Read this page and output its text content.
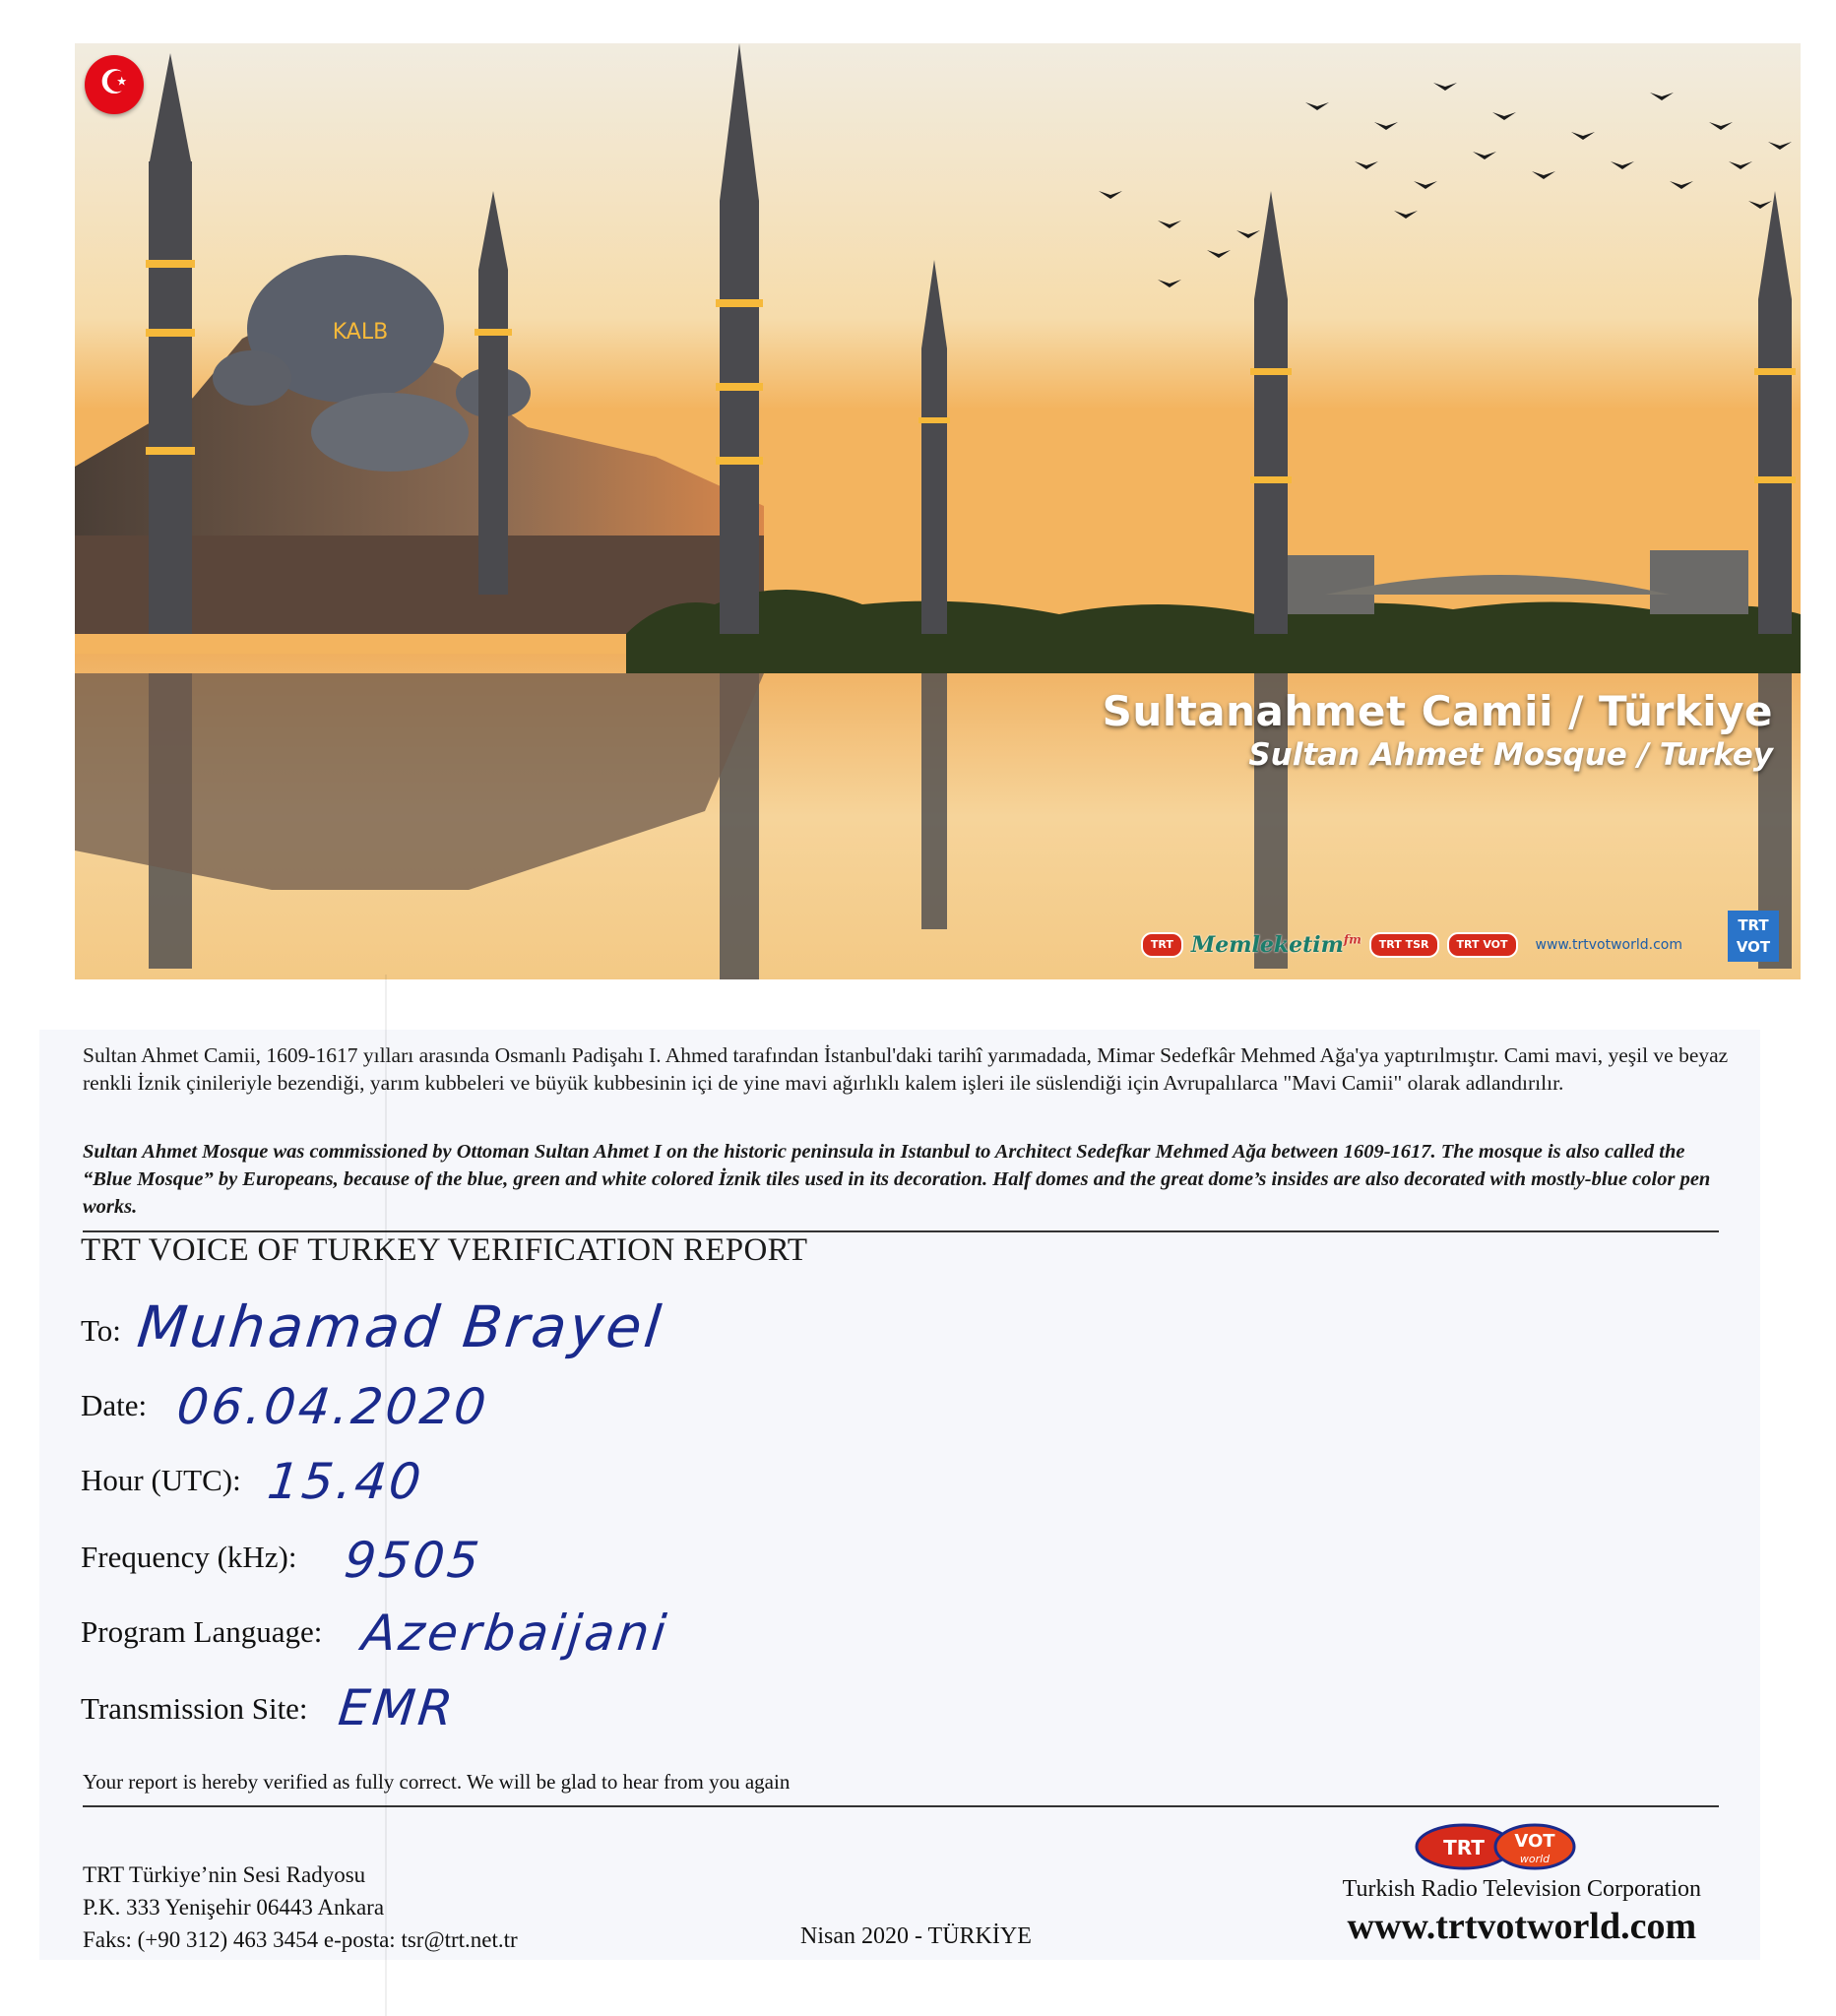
KALB
☪
Sultanahmet Camii / Türkiye
Sultan Ahmet Mosque / Turkey
TRT Memleketim$^{fm}$	TRT TSR	TRT VOT	www.trtvotworld.com
TRT
VOT
Sultan Ahmet Camii, 1609-1617 yılları arasında Osmanlı Padişahı I. Ahmed tarafından İstanbul'daki tarihî yarımadada, Mimar Sedefkâr Mehmed Ağa'ya yaptırılmıştır. Cami mavi, yeşil ve beyaz renkli İznik çinileriyle bezendiği, yarım kubbeleri ve büyük kubbesinin içi de yine mavi ağırlıklı kalem işleri ile süslendiği için Avrupalılarca "Mavi Camii" olarak adlandırılır.
Sultan Ahmet Mosque was commissioned by Ottoman Sultan Ahmet I on the historic peninsula in Istanbul to Architect Sedefkar Mehmed Ağa between 1609-1617. The mosque is also called the “Blue Mosque” by Europeans, because of the blue, green and white colored İznik tiles used in its decoration. Half domes and the great dome’s insides are also decorated with mostly-blue color pen works.
TRT VOICE OF TURKEY VERIFICATION REPORT
To: Muhamad Brayel
Date: 06.04.2020
Hour (UTC): 15.40
Frequency (kHz): 9505
Program Language: Azerbaijani
Transmission Site: EMR
Your report is hereby verified as fully correct. We will be glad to hear from you again
TRT Türkiye’nin Sesi Radyosu
P.K. 333 Yenişehir 06443 Ankara
Faks: (+90 312) 463 3454 e-posta: tsr@trt.net.tr	Nisan 2020 - TÜRKİYE
TRT VOT
world
Turkish Radio Television Corporation
www.trtvotworld.com
